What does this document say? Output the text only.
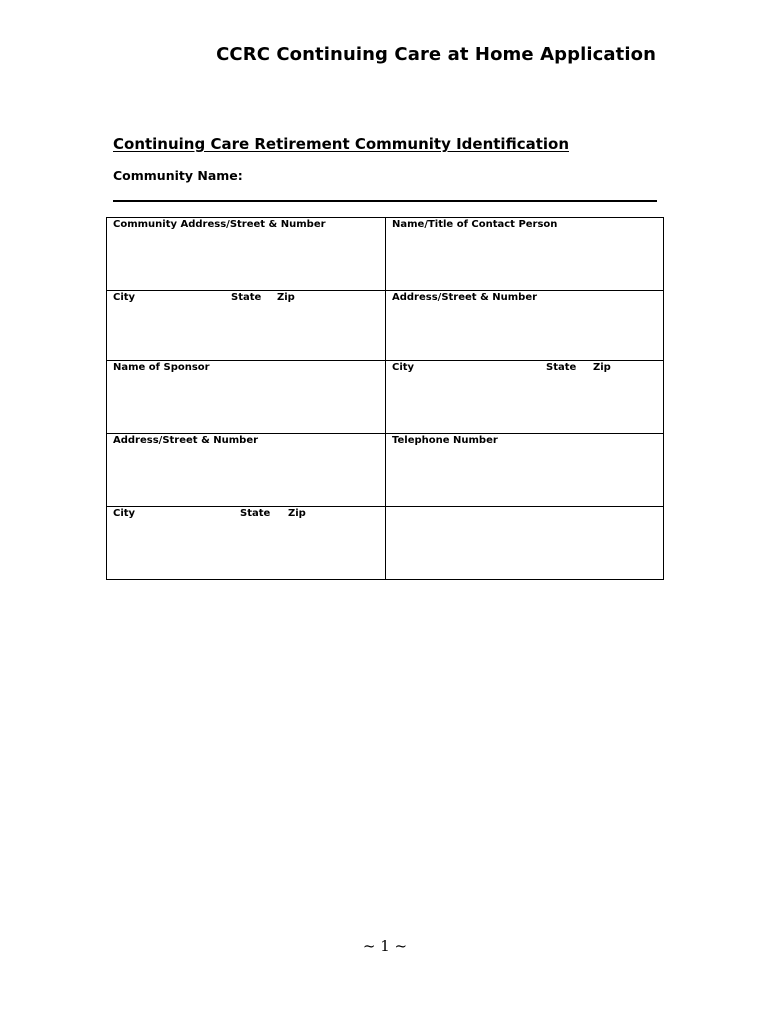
CCRC Continuing Care at Home Application
Continuing Care Retirement Community Identification
Community Name:
Community Address/Street & Number	Name/Title of Contact Person

City State Zip	Address/Street & Number

Name of Sponsor	City State Zip

Address/Street & Number	Telephone Number

City State Zip	

~ 1 ~
